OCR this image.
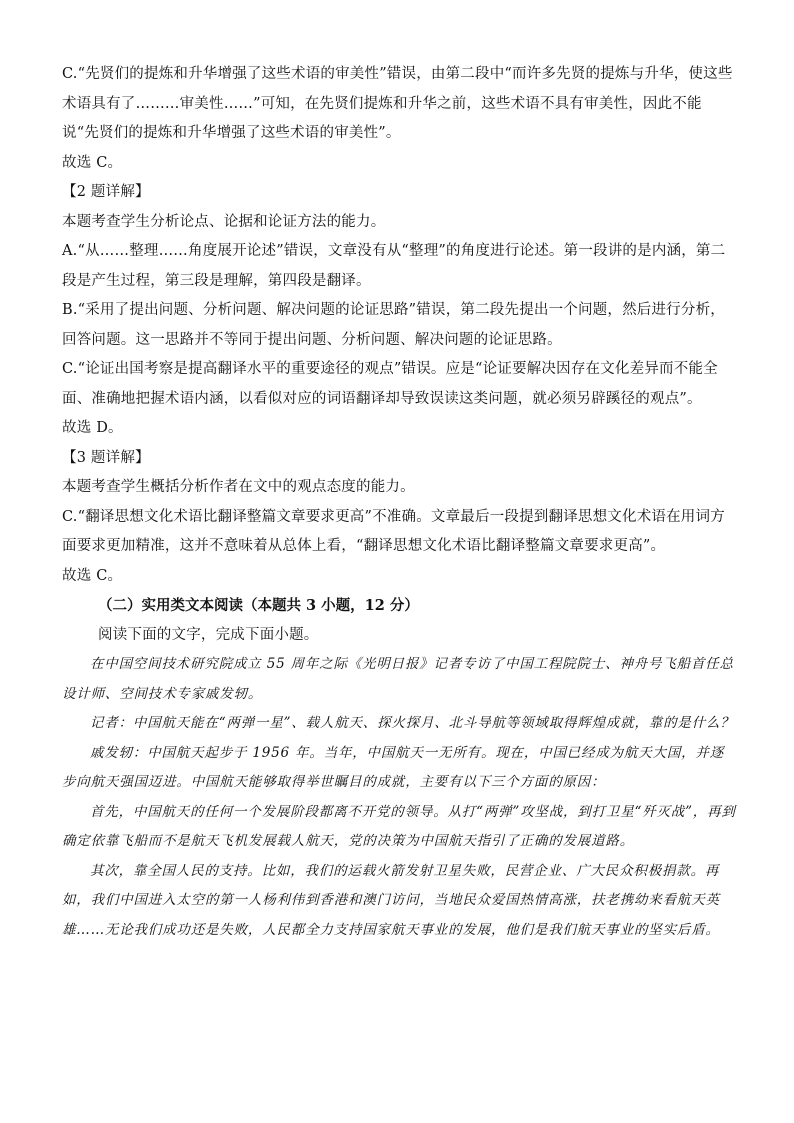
C.“先贤们的提炼和升华增强了这些术语的审美性”错误，由第二段中“而许多先贤的提炼与升华，使这些术语具有了………审美性……”可知，在先贤们提炼和升华之前，这些术语不具有审美性，因此不能说“先贤们的提炼和升华增强了这些术语的审美性”。

故选 C。

【2 题详解】

本题考查学生分析论点、论据和论证方法的能力。

A.“从……整理……角度展开论述”错误，文章没有从“整理”的角度进行论述。第一段讲的是内涵，第二段是产生过程，第三段是理解，第四段是翻译。

B.“采用了提出问题、分析问题、解决问题的论证思路”错误，第二段先提出一个问题，然后进行分析，回答问题。这一思路并不等同于提出问题、分析问题、解决问题的论证思路。

C.“论证出国考察是提高翻译水平的重要途径的观点”错误。应是“论证要解决因存在文化差异而不能全面、准确地把握术语内涵，以看似对应的词语翻译却导致误读这类问题，就必须另辟蹊径的观点”。

故选 D。

【3 题详解】

本题考查学生概括分析作者在文中的观点态度的能力。

C.“翻译思想文化术语比翻译整篇文章要求更高”不准确。文章最后一段提到翻译思想文化术语在用词方面要求更加精准，这并不意味着从总体上看，“翻译思想文化术语比翻译整篇文章要求更高”。

故选 C。

（二）实用类文本阅读（本题共 3 小题，12 分）

阅读下面的文字，完成下面小题。

在中国空间技术研究院成立 55 周年之际《光明日报》记者专访了中国工程院院士、神舟号飞船首任总设计师、空间技术专家戚发轫。

记者：中国航天能在“两弹一星”、载人航天、探火探月、北斗导航等领域取得辉煌成就，靠的是什么？

戚发轫：中国航天起步于 1956 年。当年，中国航天一无所有。现在，中国已经成为航天大国，并逐步向航天强国迈进。中国航天能够取得举世瞩目的成就，主要有以下三个方面的原因：

首先，中国航天的任何一个发展阶段都离不开党的领导。从打“两弹”攻坚战，到打卫星“歼灭战”，再到确定依靠飞船而不是航天飞机发展载人航天，党的决策为中国航天指引了正确的发展道路。

其次，靠全国人民的支持。比如，我们的运载火箭发射卫星失败，民营企业、广大民众积极捐款。再如，我们中国进入太空的第一人杨利伟到香港和澳门访问，当地民众爱国热情高涨，扶老携幼来看航天英雄……无论我们成功还是失败，人民都全力支持国家航天事业的发展，他们是我们航天事业的坚实后盾。
